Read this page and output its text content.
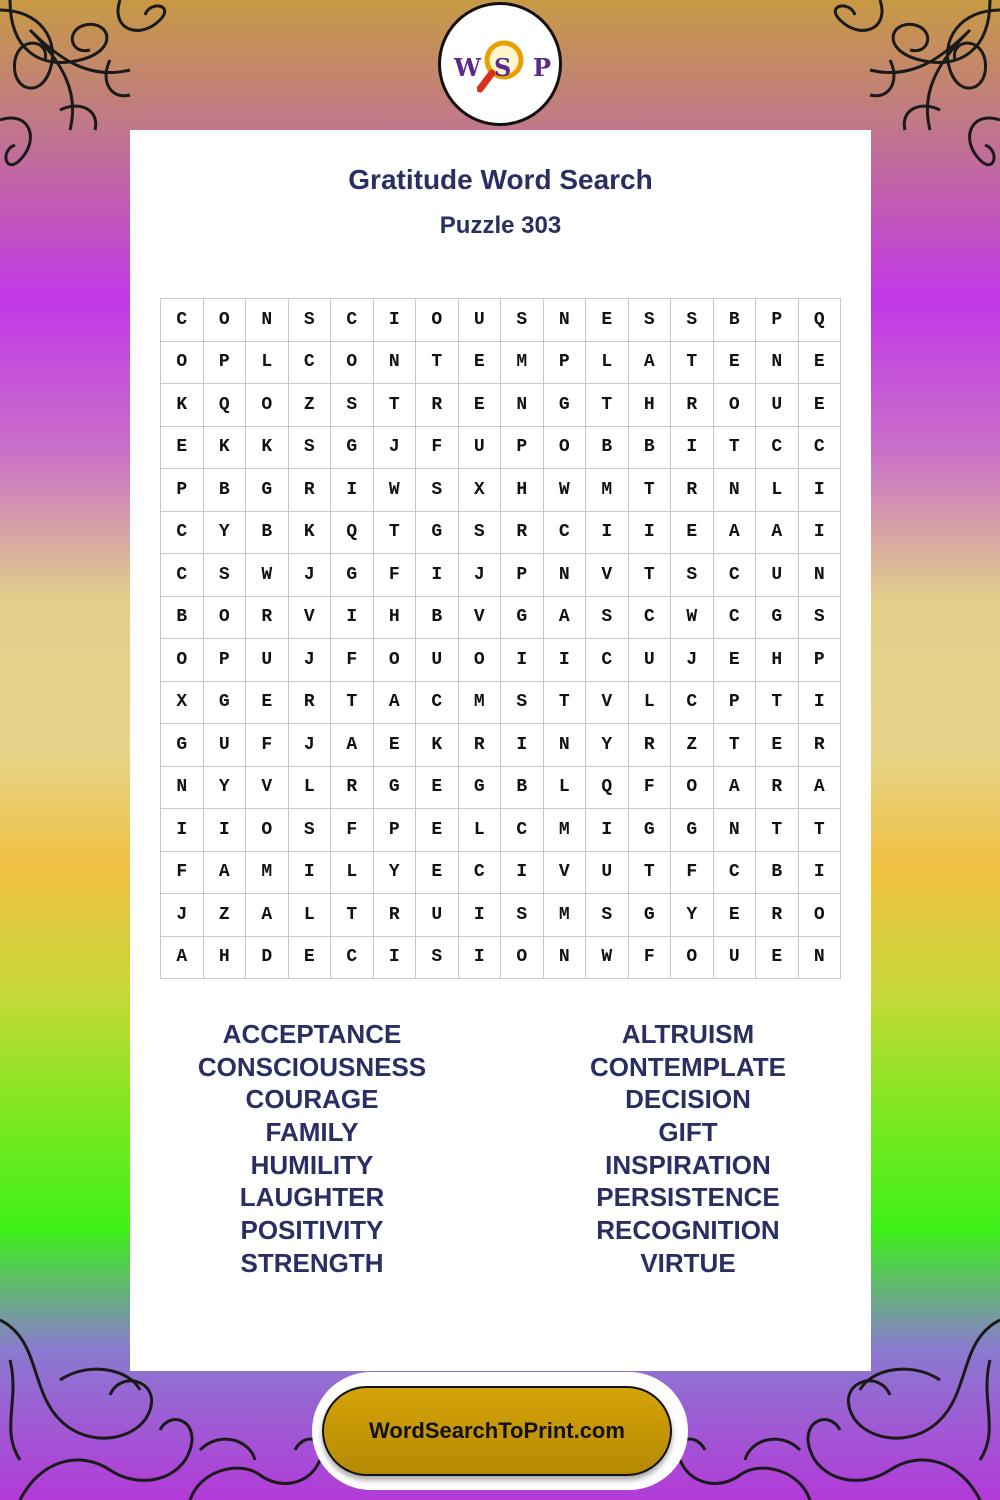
W S P
Gratitude Word Search
Puzzle 303
C	O	N	S	C	I	O	U	S	N	E	S	S	B	P	Q
O	P	L	C	O	N	T	E	M	P	L	A	T	E	N	E
K	Q	O	Z	S	T	R	E	N	G	T	H	R	O	U	E
E	K	K	S	G	J	F	U	P	O	B	B	I	T	C	C
P	B	G	R	I	W	S	X	H	W	M	T	R	N	L	I
C	Y	B	K	Q	T	G	S	R	C	I	I	E	A	A	I
C	S	W	J	G	F	I	J	P	N	V	T	S	C	U	N
B	O	R	V	I	H	B	V	G	A	S	C	W	C	G	S
O	P	U	J	F	O	U	O	I	I	C	U	J	E	H	P
X	G	E	R	T	A	C	M	S	T	V	L	C	P	T	I
G	U	F	J	A	E	K	R	I	N	Y	R	Z	T	E	R
N	Y	V	L	R	G	E	G	B	L	Q	F	O	A	R	A
I	I	O	S	F	P	E	L	C	M	I	G	G	N	T	T
F	A	M	I	L	Y	E	C	I	V	U	T	F	C	B	I
J	Z	A	L	T	R	U	I	S	M	S	G	Y	E	R	O
A	H	D	E	C	I	S	I	O	N	W	F	O	U	E	N
ACCEPTANCE
CONSCIOUSNESS
COURAGE
FAMILY
HUMILITY
LAUGHTER
POSITIVITY
STRENGTH
ALTRUISM
CONTEMPLATE
DECISION
GIFT
INSPIRATION
PERSISTENCE
RECOGNITION
VIRTUE
WordSearchToPrint.com
